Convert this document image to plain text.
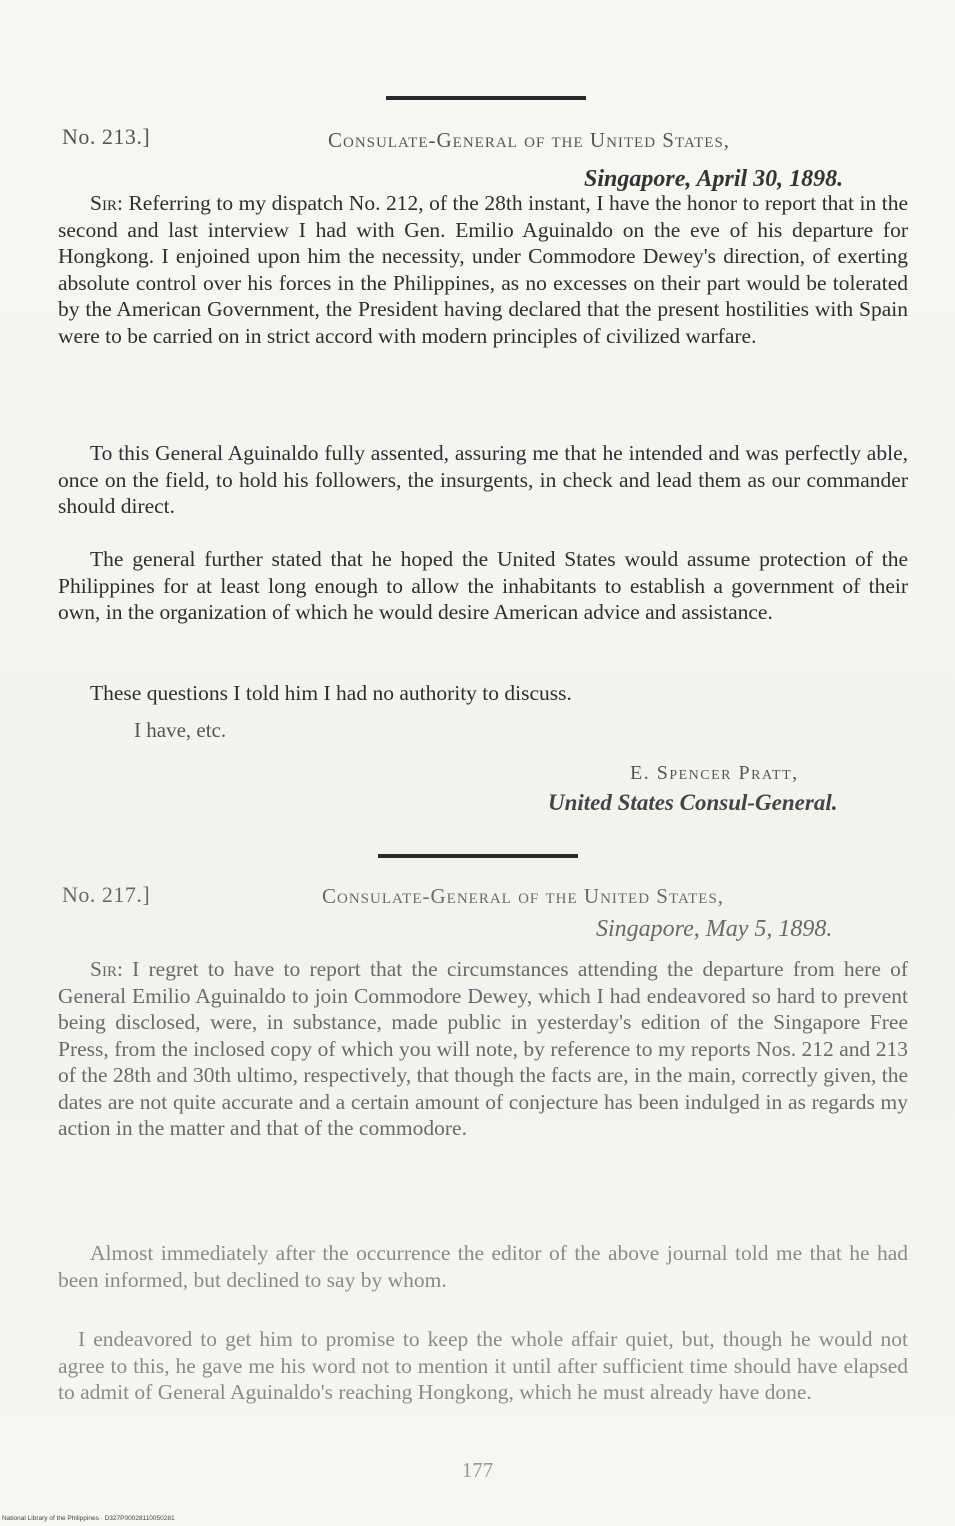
No. 213.]	Consulate-General of the United States,
Singapore, April 30, 1898.

Sir: Referring to my dispatch No. 212, of the 28th instant, I have the honor to report that in the second and last interview I had with Gen. Emilio Aguinaldo on the eve of his departure for Hongkong. I enjoined upon him the necessity, under Commodore Dewey's direction, of exerting absolute control over his forces in the Philippines, as no excesses on their part would be tolerated by the American Government, the President having declared that the present hostilities with Spain were to be carried on in strict accord with modern principles of civilized warfare.

To this General Aguinaldo fully assented, assuring me that he intended and was perfectly able, once on the field, to hold his followers, the insurgents, in check and lead them as our commander should direct.

The general further stated that he hoped the United States would assume protection of the Philippines for at least long enough to allow the inhabitants to establish a government of their own, in the organization of which he would desire American advice and assistance.

These questions I told him I had no authority to discuss.

I have, etc.
E. Spencer Pratt,
United States Consul-General.
No. 217.]	Consulate-General of the United States,
Singapore, May 5, 1898.

Sir: I regret to have to report that the circumstances attending the departure from here of General Emilio Aguinaldo to join Commodore Dewey, which I had endeavored so hard to prevent being disclosed, were, in substance, made public in yesterday's edition of the Singapore Free Press, from the inclosed copy of which you will note, by reference to my reports Nos. 212 and 213 of the 28th and 30th ultimo, respectively, that though the facts are, in the main, correctly given, the dates are not quite accurate and a certain amount of conjecture has been indulged in as regards my action in the matter and that of the commodore.

Almost immediately after the occurrence the editor of the above journal told me that he had been informed, but declined to say by whom.

I endeavored to get him to promise to keep the whole affair quiet, but, though he would not agree to this, he gave me his word not to mention it until after sufficient time should have elapsed to admit of General Aguinaldo's reaching Hongkong, which he must already have done.

177
National Library of the Philippines · D327P00028110050281
